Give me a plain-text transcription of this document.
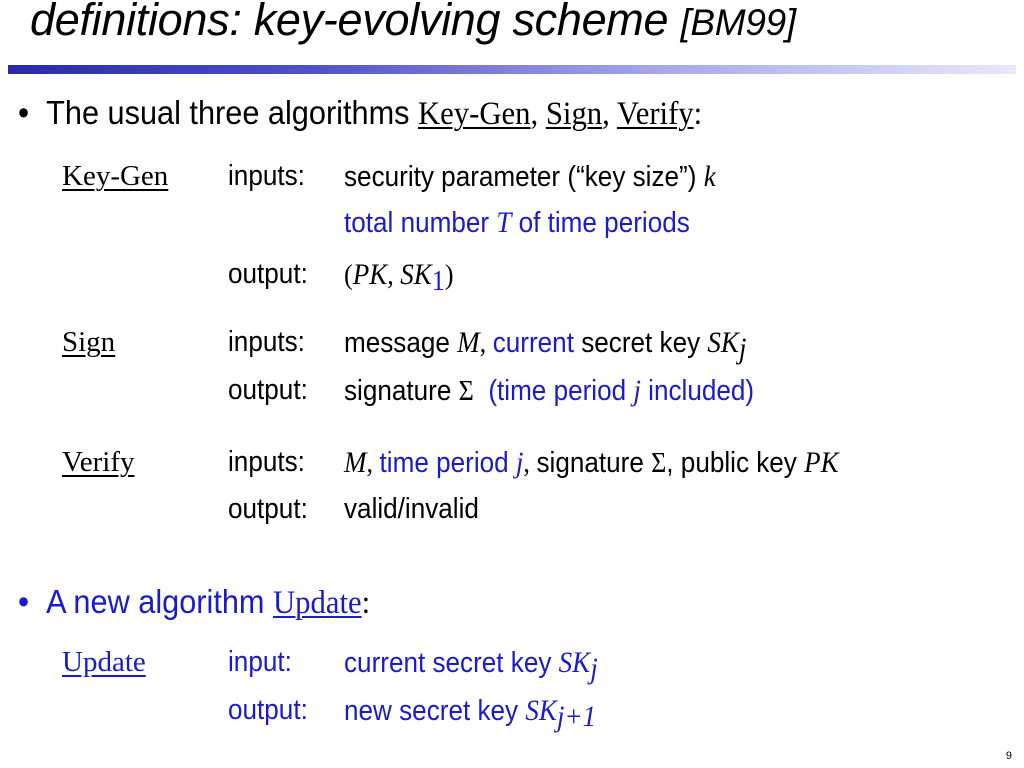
definitions: key-evolving scheme [BM99]
• The usual three algorithms Key-Gen, Sign, Verify:
Key-Gen inputs: security parameter (“key size”) k
total number T of time periods
output: (PK, $SK_1$)
Sign	inputs: message M, current secret key $SK_j$
output: signature Σ  (time period j included)
Verify	inputs: M, time period j, signature Σ, public key PK
output: valid/invalid
• A new algorithm Update:
Update	input: current secret key $SK_j$
output: new secret key $SK_{j+1}$
9
